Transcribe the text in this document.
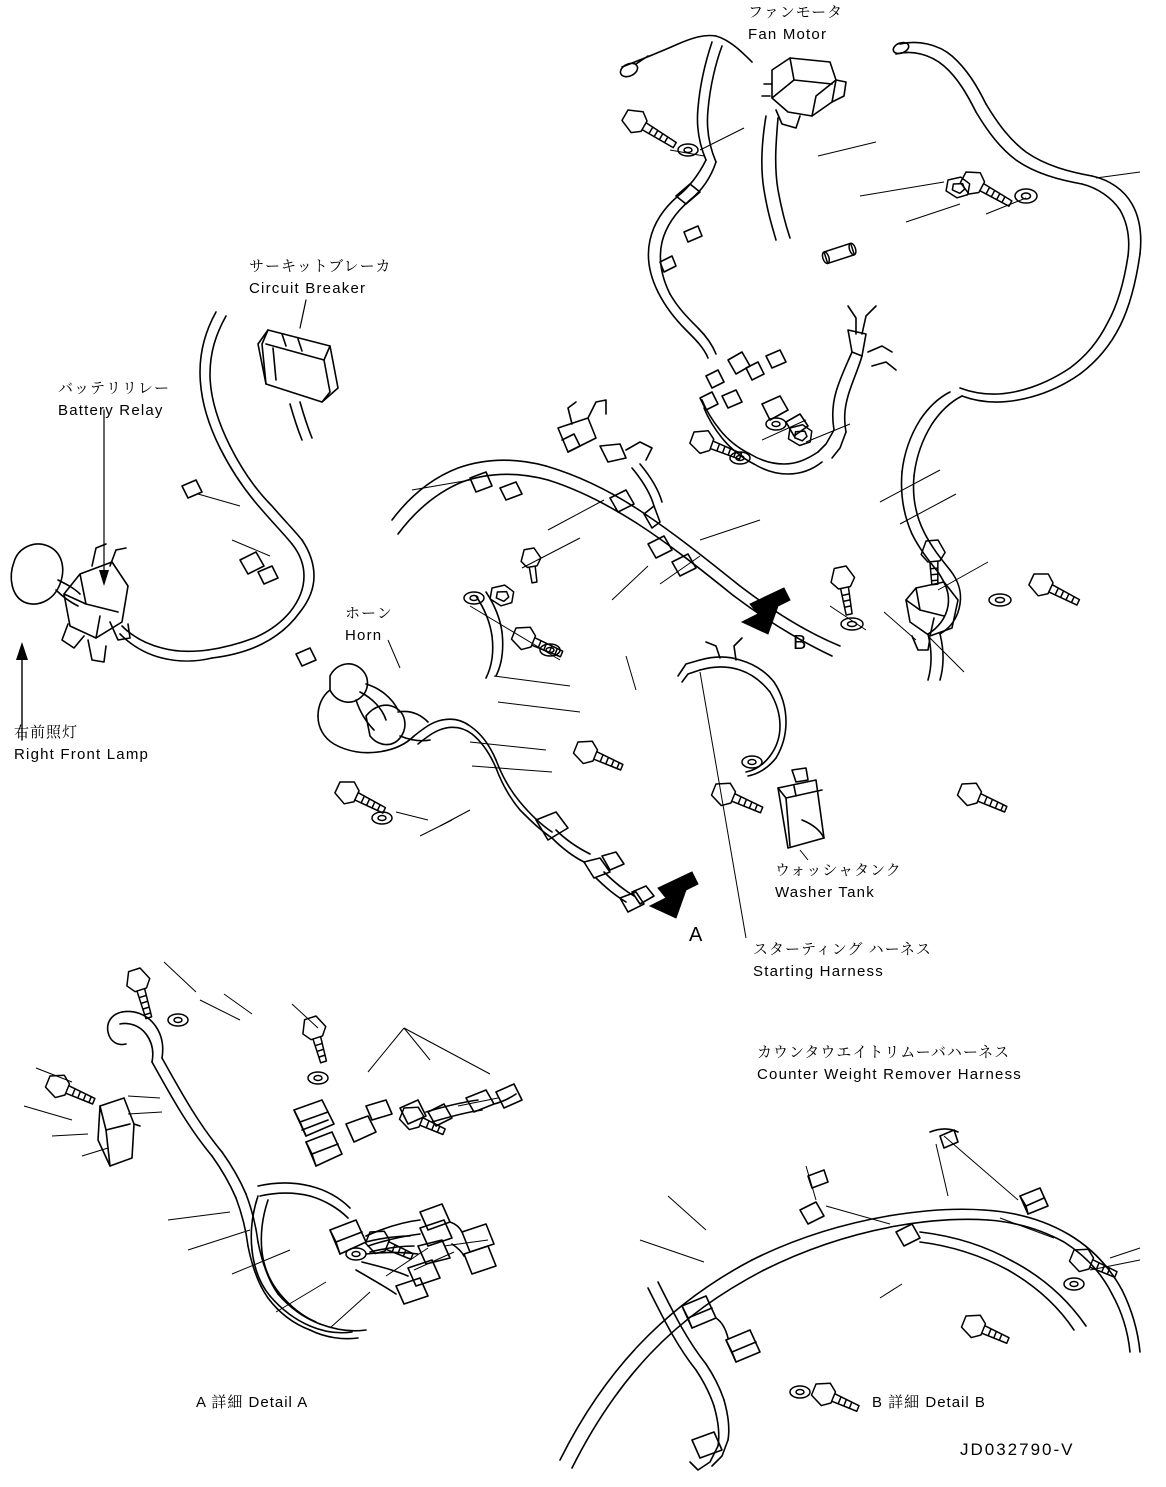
ファンモータ
Fan Motor
サーキットブレーカ
Circuit Breaker
バッテリリレー
Battery Relay
ホーン
Horn
右前照灯
Right Front Lamp
ウォッシャタンク
Washer Tank
スターティング ハーネス
Starting Harness
カウンタウエイトリムーバハーネス
Counter Weight Remover Harness
B
A
A 詳細 Detail A	B 詳細 Detail B
JD032790-V
